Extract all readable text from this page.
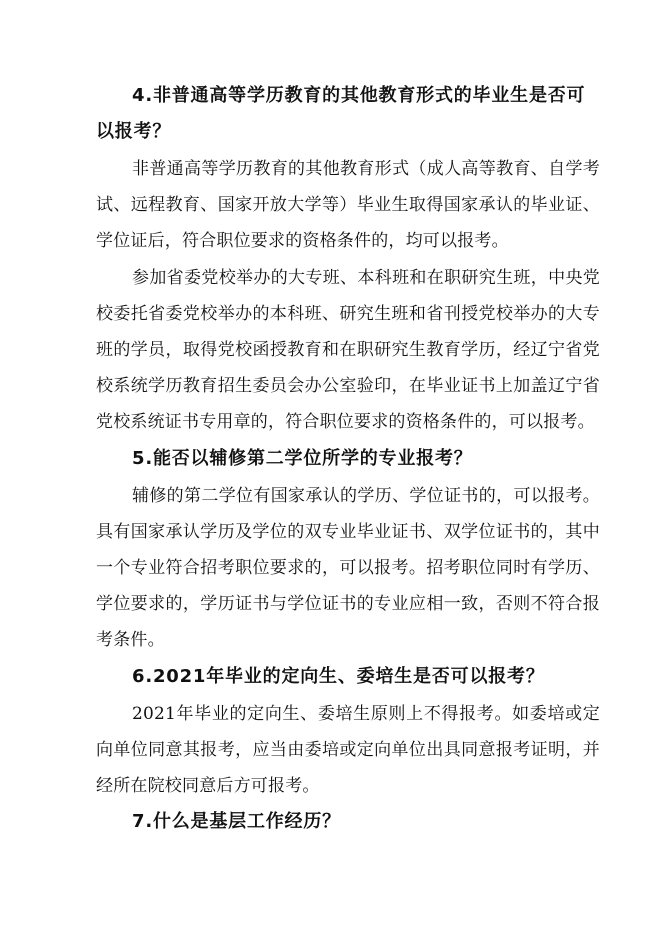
4.非普通高等学历教育的其他教育形式的毕业生是否可以报考？

非普通高等学历教育的其他教育形式（成人高等教育、自学考试、远程教育、国家开放大学等）毕业生取得国家承认的毕业证、学位证后，符合职位要求的资格条件的，均可以报考。

参加省委党校举办的大专班、本科班和在职研究生班，中央党校委托省委党校举办的本科班、研究生班和省刊授党校举办的大专班的学员，取得党校函授教育和在职研究生教育学历，经辽宁省党校系统学历教育招生委员会办公室验印，在毕业证书上加盖辽宁省党校系统证书专用章的，符合职位要求的资格条件的，可以报考。

5.能否以辅修第二学位所学的专业报考？

辅修的第二学位有国家承认的学历、学位证书的，可以报考。具有国家承认学历及学位的双专业毕业证书、双学位证书的，其中一个专业符合招考职位要求的，可以报考。招考职位同时有学历、学位要求的，学历证书与学位证书的专业应相一致，否则不符合报考条件。

6.2021年毕业的定向生、委培生是否可以报考？

2021年毕业的定向生、委培生原则上不得报考。如委培或定向单位同意其报考，应当由委培或定向单位出具同意报考证明，并经所在院校同意后方可报考。

7.什么是基层工作经历？
